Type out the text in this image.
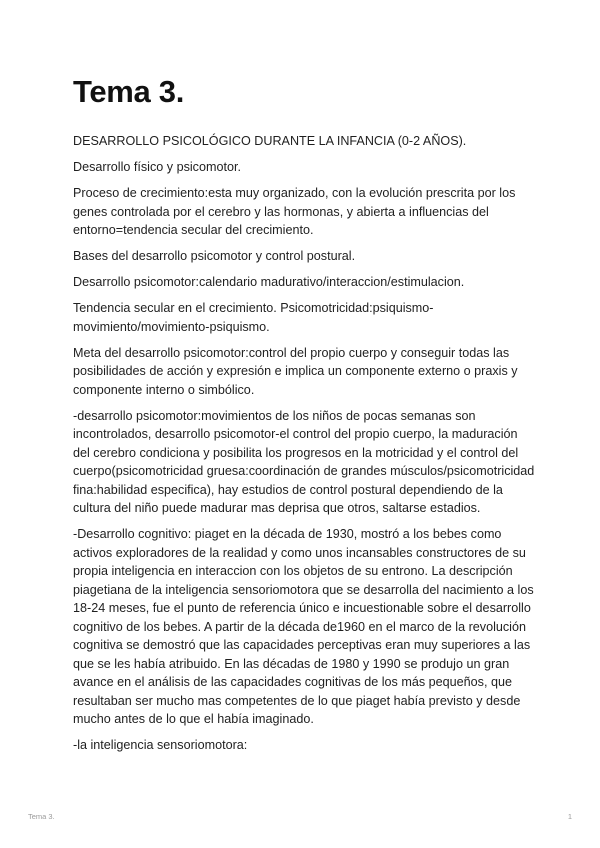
Tema 3.

DESARROLLO PSICOLÓGICO DURANTE LA INFANCIA (0-2 AÑOS).

Desarrollo físico y psicomotor.

Proceso de crecimiento:esta muy organizado, con la evolución prescrita por los genes controlada por el cerebro y las hormonas, y abierta a influencias del entorno=tendencia secular del crecimiento.

Bases del desarrollo psicomotor y control postural.

Desarrollo psicomotor:calendario madurativo/interaccion/estimulacion.

Tendencia secular en el crecimiento. Psicomotricidad:psiquismo-movimiento/movimiento-psiquismo.

Meta del desarrollo psicomotor:control del propio cuerpo y conseguir todas las posibilidades de acción y expresión e implica un componente externo o praxis y componente interno o simbólico.

-desarrollo psicomotor:movimientos de los niños de pocas semanas son incontrolados, desarrollo psicomotor-el control del propio cuerpo, la maduración del cerebro condiciona y posibilita los progresos en la motricidad y el control del cuerpo(psicomotricidad gruesa:coordinación de grandes músculos/psicomotricidad fina:habilidad especifica), hay estudios de control postural dependiendo de la cultura del niño puede madurar mas deprisa que otros, saltarse estadios.

-Desarrollo cognitivo: piaget en la década de 1930, mostró a los bebes como activos exploradores de la realidad y como unos incansables constructores de su propia inteligencia en interaccion con los objetos de su entrono. La descripción piagetiana de la inteligencia sensoriomotora que se desarrolla del nacimiento a los 18-24 meses, fue el punto de referencia único e incuestionable sobre el desarrollo cognitivo de los bebes. A partir de la década de1960 en el marco de la revolución cognitiva se demostró que las capacidades perceptivas eran muy superiores a las que se les había atribuido. En las décadas de 1980 y 1990 se produjo un gran avance en el análisis de las capacidades cognitivas de los más pequeños, que resultaban ser mucho mas competentes de lo que piaget había previsto y desde mucho antes de lo que el había imaginado.

-la inteligencia sensoriomotora:

Tema 3.	1
